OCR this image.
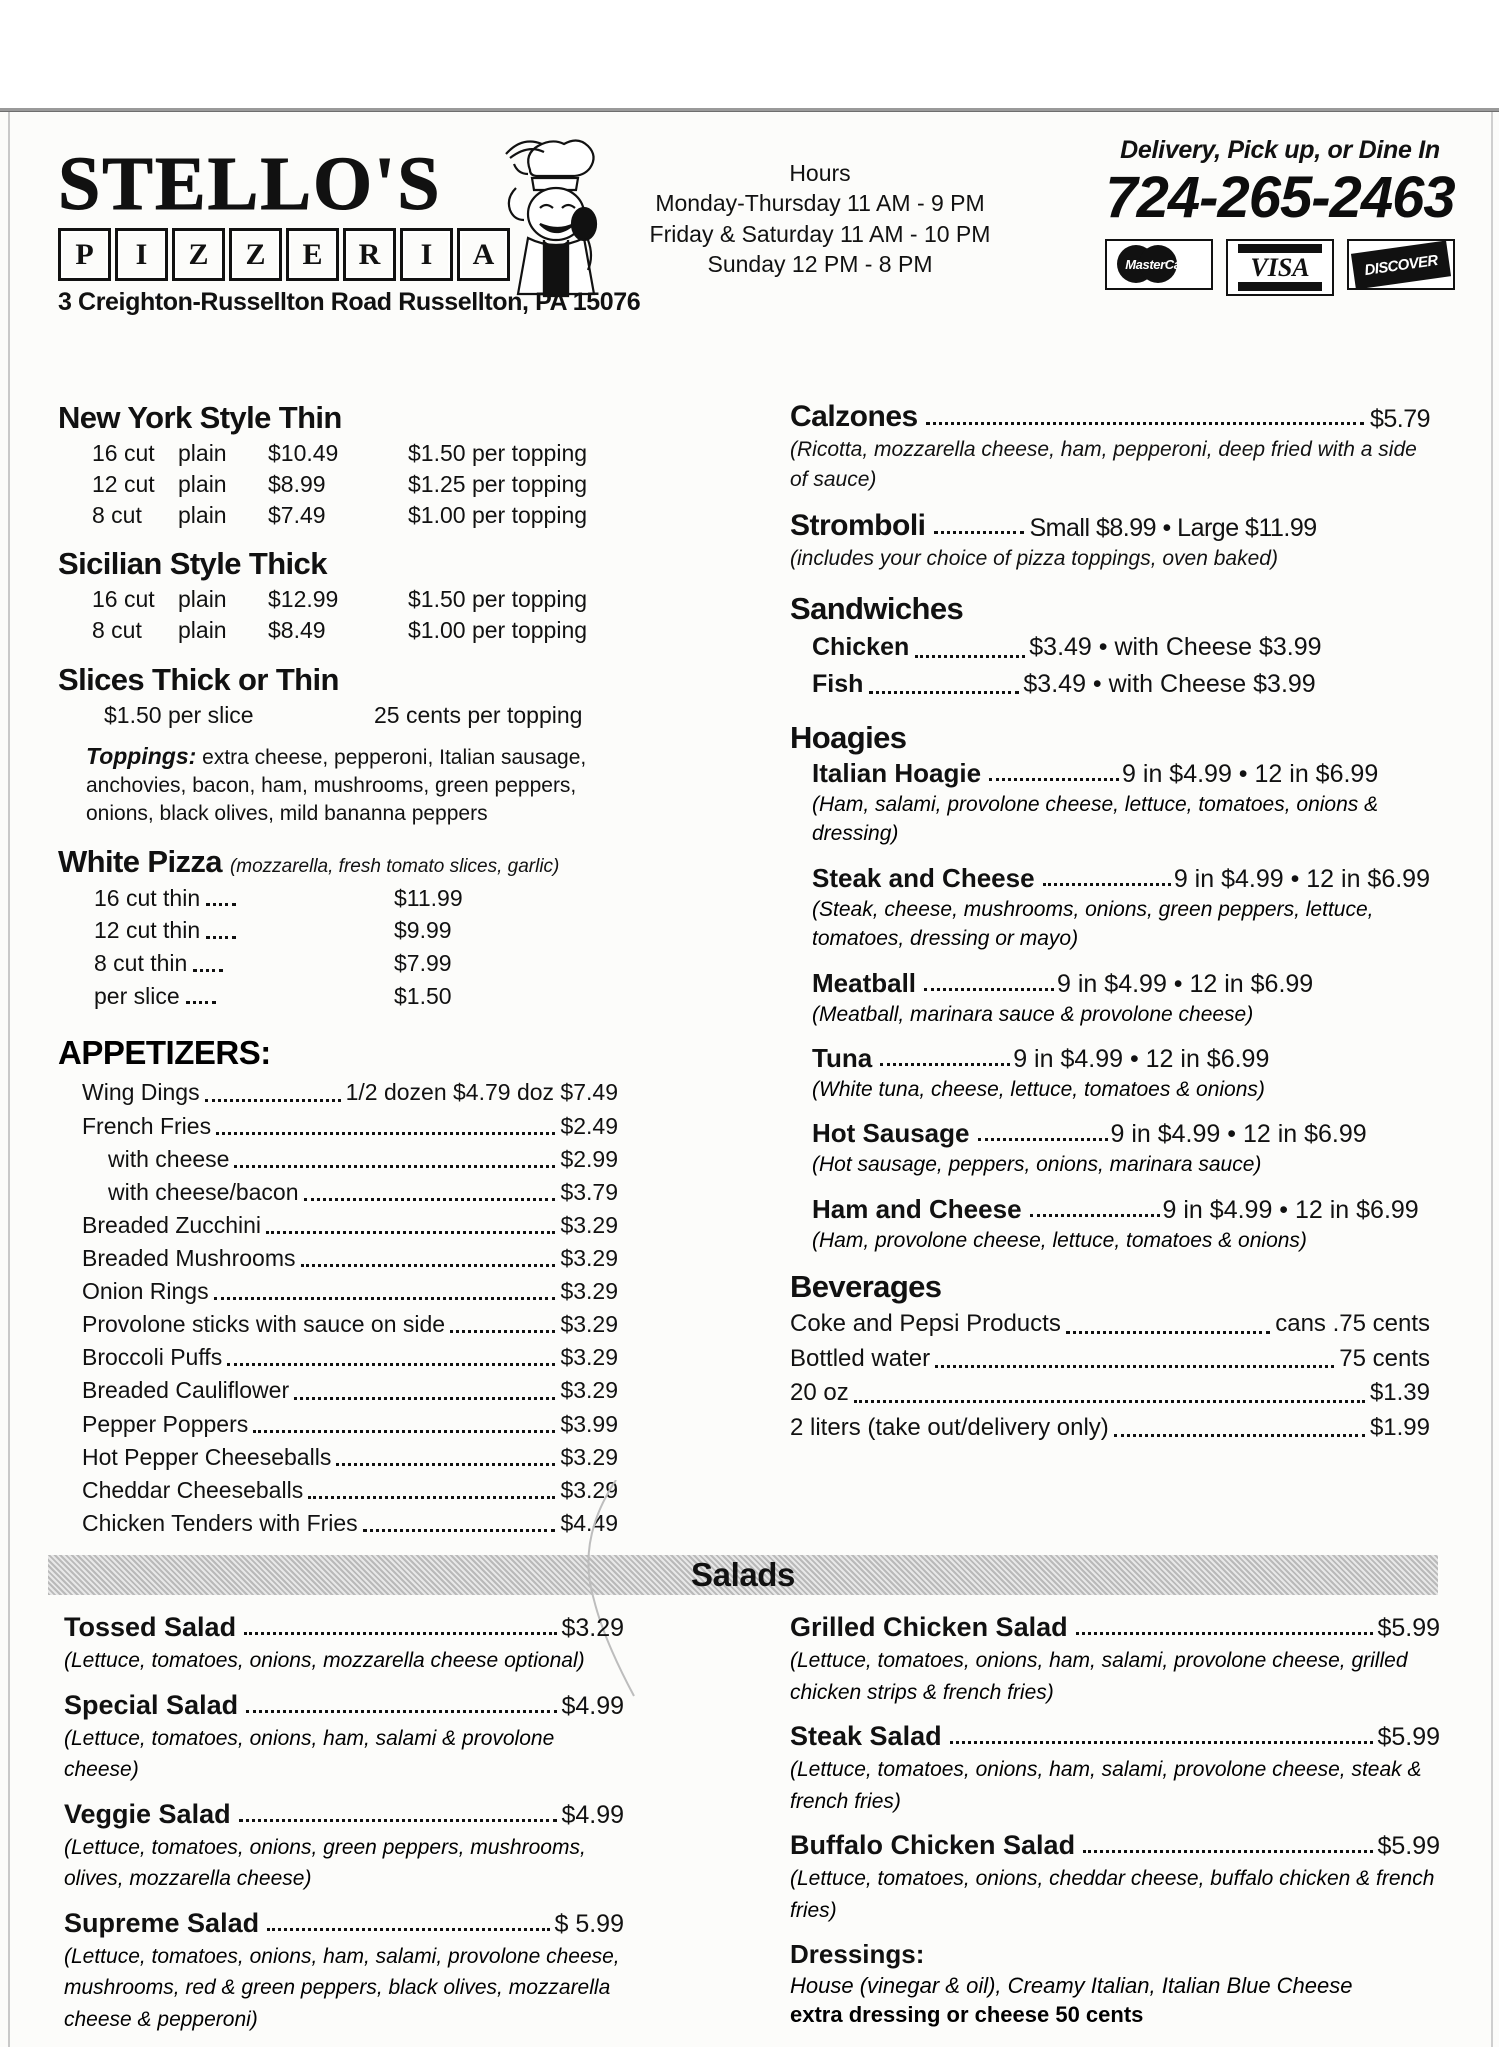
STELLO'S
P	I	Z	Z	E	R	I	A
3 Creighton-Russellton Road Russellton, PA 15076
Hours
Monday-Thursday 11 AM - 9 PM
Friday & Saturday 11 AM - 10 PM
Sunday 12 PM - 8 PM
Delivery, Pick up, or Dine In
724-265-2463
MasterCard VISA	DISCOVER
New York Style Thin
16 cut	plain	$10.49	$1.50 per topping
12 cut	plain	$8.99	$1.25 per topping
8 cut	plain	$7.49	$1.00 per topping
Sicilian Style Thick
16 cut	plain	$12.99	$1.50 per topping
8 cut	plain	$8.49	$1.00 per topping
Slices Thick or Thin
$1.50 per slice	25 cents per topping
Toppings: extra cheese, pepperoni, Italian sausage, anchovies, bacon, ham, mushrooms, green peppers, onions, black olives, mild bananna peppers
White Pizza (mozzarella, fresh tomato slices, garlic)
16 cut thin	$11.99
12 cut thin	$9.99
8 cut thin	$7.99
per slice	$1.50
APPETIZERS:
Wing Dings	1/2 dozen $4.79 doz $7.49
French Fries	$2.49
with cheese	$2.99
with cheese/bacon	$3.79
Breaded Zucchini	$3.29
Breaded Mushrooms	$3.29
Onion Rings	$3.29
Provolone sticks with sauce on side	$3.29
Broccoli Puffs	$3.29
Breaded Cauliflower	$3.29
Pepper Poppers	$3.99
Hot Pepper Cheeseballs	$3.29
Cheddar Cheeseballs	$3.29
Chicken Tenders with Fries	$4.49
Calzones	$5.79
(Ricotta, mozzarella cheese, ham, pepperoni, deep fried with a side of sauce)
Stromboli	Small $8.99 • Large $11.99
(includes your choice of pizza toppings, oven baked)
Sandwiches
Chicken	$3.49 • with Cheese $3.99
Fish	$3.49 • with Cheese $3.99
Hoagies
Italian Hoagie	9 in $4.99 • 12 in $6.99
(Ham, salami, provolone cheese, lettuce, tomatoes, onions & dressing)
Steak and Cheese	9 in $4.99 • 12 in $6.99
(Steak, cheese, mushrooms, onions, green peppers, lettuce, tomatoes, dressing or mayo)
Meatball	9 in $4.99 • 12 in $6.99
(Meatball, marinara sauce & provolone cheese)
Tuna	9 in $4.99 • 12 in $6.99
(White tuna, cheese, lettuce, tomatoes & onions)
Hot Sausage	9 in $4.99 • 12 in $6.99
(Hot sausage, peppers, onions, marinara sauce)
Ham and Cheese	9 in $4.99 • 12 in $6.99
(Ham, provolone cheese, lettuce, tomatoes & onions)
Beverages
Coke and Pepsi Products	cans .75 cents
Bottled water	75 cents
20 oz	$1.39
2 liters (take out/delivery only)	$1.99
Salads
Tossed Salad	$3.29
(Lettuce, tomatoes, onions, mozzarella cheese optional)
Special Salad	$4.99
(Lettuce, tomatoes, onions, ham, salami & provolone cheese)
Veggie Salad	$4.99
(Lettuce, tomatoes, onions, green peppers, mushrooms, olives, mozzarella cheese)
Supreme Salad	$ 5.99
(Lettuce, tomatoes, onions, ham, salami, provolone cheese, mushrooms, red & green peppers, black olives, mozzarella cheese & pepperoni)
Grilled Chicken Salad	$5.99
(Lettuce, tomatoes, onions, ham, salami, provolone cheese, grilled chicken strips & french fries)
Steak Salad	$5.99
(Lettuce, tomatoes, onions, ham, salami, provolone cheese, steak & french fries)
Buffalo Chicken Salad	$5.99
(Lettuce, tomatoes, onions, cheddar cheese, buffalo chicken & french fries)
Dressings:
House (vinegar & oil), Creamy Italian, Italian Blue Cheese
extra dressing or cheese 50 cents
